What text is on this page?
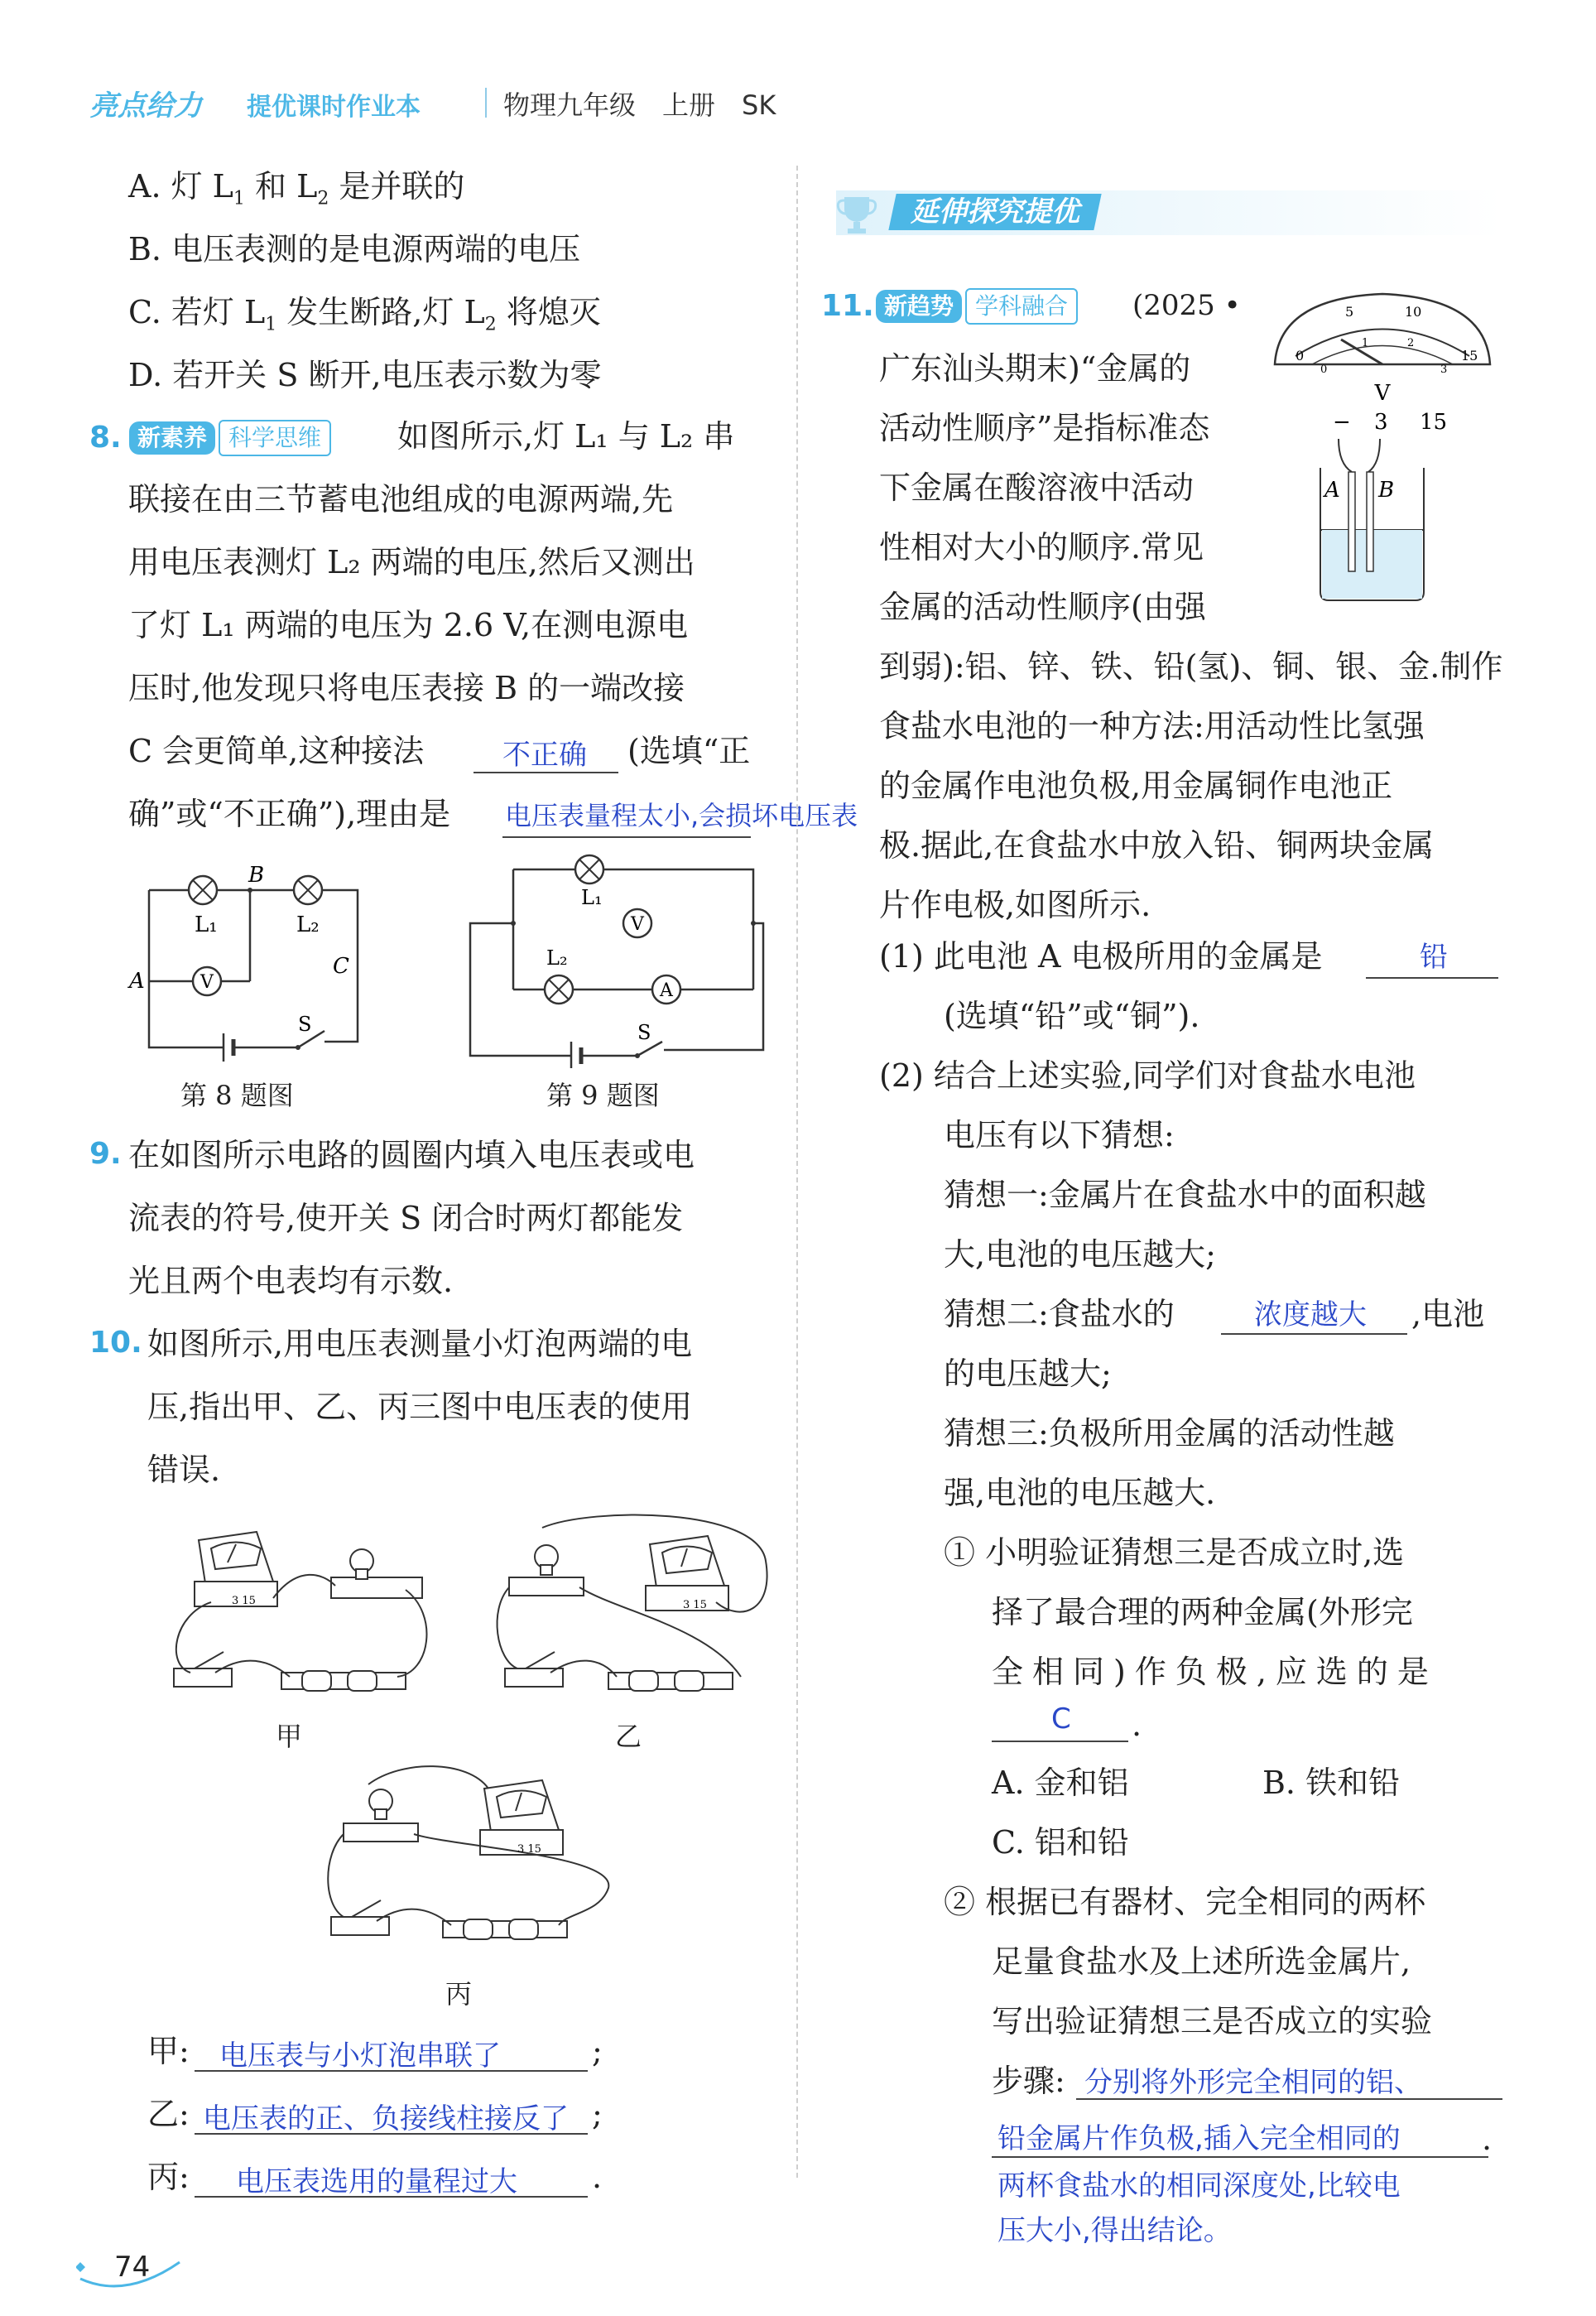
亮点给力 提优课时作业本	物理九年级　上册　SK
A. 灯 $L_1$ 和 $L_2$ 是并联的
B. 电压表测的是电源两端的电压
C. 若灯 $L_1$ 发生断路,灯 $L_2$ 将熄灭
D. 若开关 S 断开,电压表示数为零
8. 新素养 科学思维	如图所示,灯 L₁ 与 L₂ 串
联接在由三节蓄电池组成的电源两端,先
用电压表测灯 L₂ 两端的电压,然后又测出
了灯 L₁ 两端的电压为 2.6 V,在测电源电
压时,他发现只将电压表接 B 的一端改接
C 会更简单,这种接法	不正确 (选填“正
确”或“不正确”),理由是 电压表量程太小,会损坏电压表
V
L₁	L₂
B
A
C
S
第 8 题图
V
A
L₁
L₂
S
第 9 题图
9. 在如图所示电路的圆圈内填入电压表或电
流表的符号,使开关 S 闭合时两灯都能发
光且两个电表均有示数.
10. 如图所示,用电压表测量小灯泡两端的电
压,指出甲、乙、丙三图中电压表的使用
错误.
3 15
甲
3 15
乙
3 15
丙
甲: 电压表与小灯泡串联了	;
乙: 电压表的正、负接线柱接反了 ;
丙: 电压表选用的量程过大 .
74
延伸探究提优
11. 新趋势 学科融合	(2025 •
广东汕头期末)“金属的
活动性顺序”是指标准态
下金属在酸溶液中活动
性相对大小的顺序.常见
金属的活动性顺序(由强
0
5	10
15
0
1	2
3
V
− 3 15
A B
到弱):铝、锌、铁、铅(氢)、铜、银、金.制作
食盐水电池的一种方法:用活动性比氢强
的金属作电池负极,用金属铜作电池正
极.据此,在食盐水中放入铅、铜两块金属
片作电极,如图所示.
(1) 此电池 A 电极所用的金属是	铅
(选填“铅”或“铜”).
(2) 结合上述实验,同学们对食盐水电池
电压有以下猜想:
猜想一:金属片在食盐水中的面积越
大,电池的电压越大;
猜想二:食盐水的	浓度越大 ,电池
的电压越大;
猜想三:负极所用金属的活动性越
强,电池的电压越大.
① 小明验证猜想三是否成立时,选
择了最合理的两种金属(外形完
全相同)作负极,应选的是
C .
A. 金和铝	B. 铁和铅
C. 铝和铅
② 根据已有器材、完全相同的两杯
足量食盐水及上述所选金属片,
写出验证猜想三是否成立的实验
步骤: 分别将外形完全相同的铝、
铅金属片作负极,插入完全相同的	.
两杯食盐水的相同深度处,比较电
压大小,得出结论。
